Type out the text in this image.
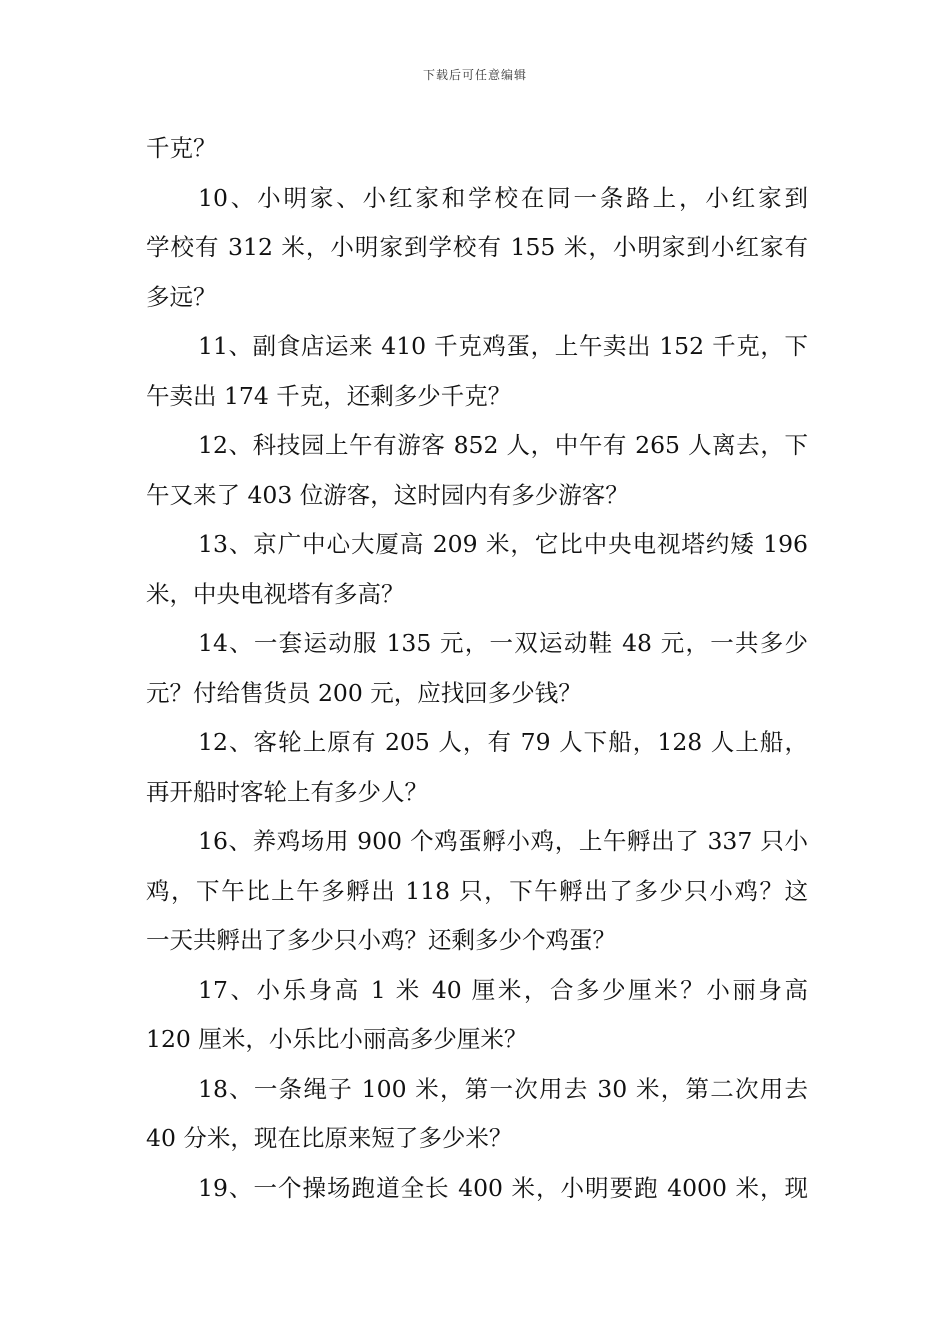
下载后可任意编辑
千克？
10、小明家、小红家和学校在同一条路上，小红家到
学校有 312 米，小明家到学校有 155 米，小明家到小红家有
多远？
11、副食店运来 410 千克鸡蛋，上午卖出 152 千克，下
午卖出 174 千克，还剩多少千克？
12、科技园上午有游客 852 人，中午有 265 人离去，下
午又来了 403 位游客，这时园内有多少游客？
13、京广中心大厦高 209 米，它比中央电视塔约矮 196
米，中央电视塔有多高？
14、一套运动服 135 元，一双运动鞋 48 元，一共多少
元？付给售货员 200 元，应找回多少钱？
12、客轮上原有 205 人，有 79 人下船，128 人上船，
再开船时客轮上有多少人？
16、养鸡场用 900 个鸡蛋孵小鸡，上午孵出了 337 只小
鸡，下午比上午多孵出 118 只，下午孵出了多少只小鸡？这
一天共孵出了多少只小鸡？还剩多少个鸡蛋？
17、小乐身高 1 米 40 厘米，合多少厘米？小丽身高
120 厘米，小乐比小丽高多少厘米？
18、一条绳子 100 米，第一次用去 30 米，第二次用去
40 分米，现在比原来短了多少米？
19、一个操场跑道全长 400 米，小明要跑 4000 米，现
